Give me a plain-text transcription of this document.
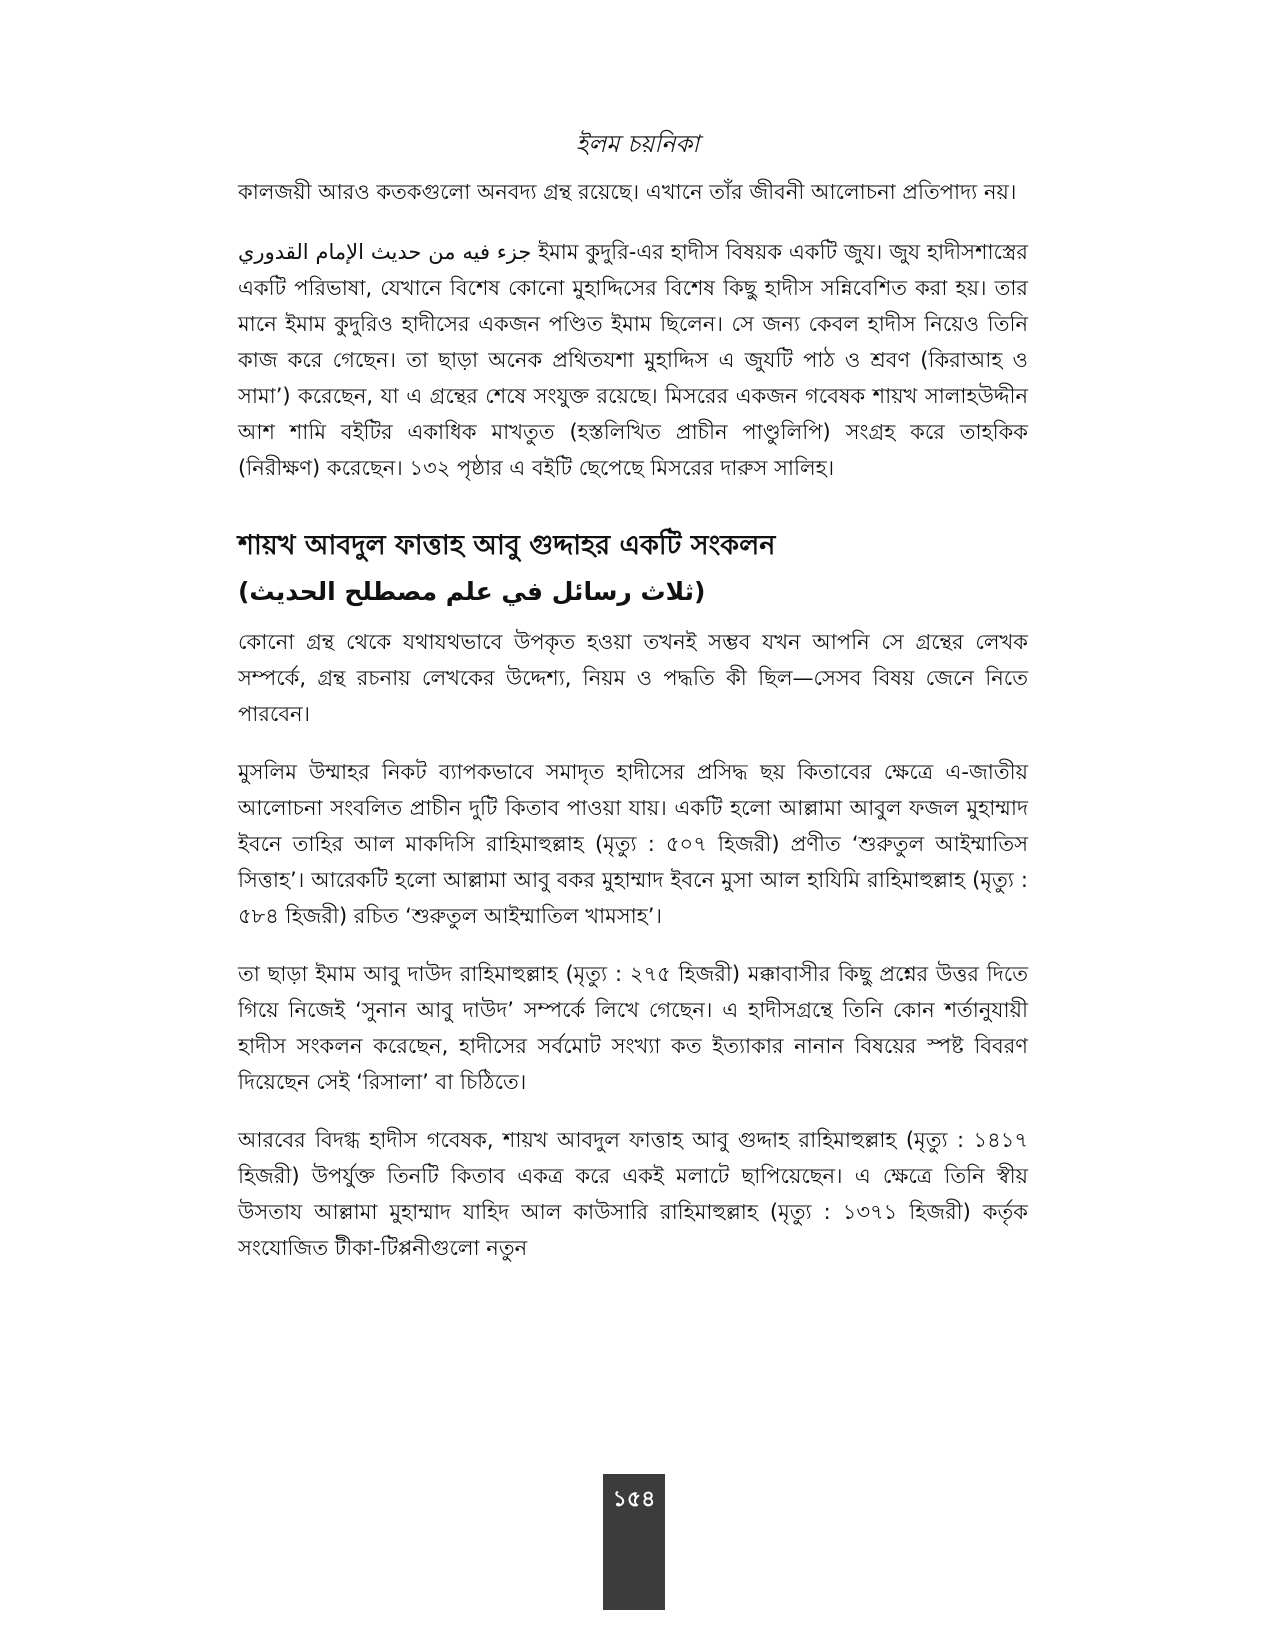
ইলম চয়নিকা

কালজয়ী আরও কতকগুলো অনবদ্য গ্রন্থ রয়েছে। এখানে তাঁর জীবনী আলোচনা প্রতিপাদ্য নয়।

جزء فيه من حديث الإمام القدوري ইমাম কুদুরি-এর হাদীস বিষয়ক একটি জুয। জুয হাদীসশাস্ত্রের একটি পরিভাষা, যেখানে বিশেষ কোনো মুহাদ্দিসের বিশেষ কিছু হাদীস সন্নিবেশিত করা হয়। তার মানে ইমাম কুদুরিও হাদীসের একজন পণ্ডিত ইমাম ছিলেন। সে জন্য কেবল হাদীস নিয়েও তিনি কাজ করে গেছেন। তা ছাড়া অনেক প্রথিতযশা মুহাদ্দিস এ জুযটি পাঠ ও শ্রবণ (কিরাআহ ও সামা’) করেছেন, যা এ গ্রন্থের শেষে সংযুক্ত রয়েছে। মিসরের একজন গবেষক শায়খ সালাহউদ্দীন আশ শামি বইটির একাধিক মাখতুত (হস্তলিখিত প্রাচীন পাণ্ডুলিপি) সংগ্রহ করে তাহকিক (নিরীক্ষণ) করেছেন। ১৩২ পৃষ্ঠার এ বইটি ছেপেছে মিসরের দারুস সালিহ।

শায়খ আবদুল ফাত্তাহ আবু গুদ্দাহর একটি সংকলন
(ثلاث رسائل في علم مصطلح الحديث)

কোনো গ্রন্থ থেকে যথাযথভাবে উপকৃত হওয়া তখনই সম্ভব যখন আপনি সে গ্রন্থের লেখক সম্পর্কে, গ্রন্থ রচনায় লেখকের উদ্দেশ্য, নিয়ম ও পদ্ধতি কী ছিল—সেসব বিষয় জেনে নিতে পারবেন।

মুসলিম উম্মাহর নিকট ব্যাপকভাবে সমাদৃত হাদীসের প্রসিদ্ধ ছয় কিতাবের ক্ষেত্রে এ-জাতীয় আলোচনা সংবলিত প্রাচীন দুটি কিতাব পাওয়া যায়। একটি হলো আল্লামা আবুল ফজল মুহাম্মাদ ইবনে তাহির আল মাকদিসি রাহিমাহুল্লাহ (মৃত্যু : ৫০৭ হিজরী) প্রণীত ‘শুরুতুল আইম্মাতিস সিত্তাহ’। আরেকটি হলো আল্লামা আবু বকর মুহাম্মাদ ইবনে মুসা আল হাযিমি রাহিমাহুল্লাহ (মৃত্যু : ৫৮৪ হিজরী) রচিত ‘শুরুতুল আইম্মাতিল খামসাহ’।

তা ছাড়া ইমাম আবু দাউদ রাহিমাহুল্লাহ (মৃত্যু : ২৭৫ হিজরী) মক্কাবাসীর কিছু প্রশ্নের উত্তর দিতে গিয়ে নিজেই ‘সুনান আবু দাউদ’ সম্পর্কে লিখে গেছেন। এ হাদীসগ্রন্থে তিনি কোন শর্তানুযায়ী হাদীস সংকলন করেছেন, হাদীসের সর্বমোট সংখ্যা কত ইত্যাকার নানান বিষয়ের স্পষ্ট বিবরণ দিয়েছেন সেই ‘রিসালা’ বা চিঠিতে।

আরবের বিদগ্ধ হাদীস গবেষক, শায়খ আবদুল ফাত্তাহ আবু গুদ্দাহ রাহিমাহুল্লাহ (মৃত্যু : ১৪১৭ হিজরী) উপর্যুক্ত তিনটি কিতাব একত্র করে একই মলাটে ছাপিয়েছেন। এ ক্ষেত্রে তিনি স্বীয় উসতায আল্লামা মুহাম্মাদ যাহিদ আল কাউসারি রাহিমাহুল্লাহ (মৃত্যু : ১৩৭১ হিজরী) কর্তৃক সংযোজিত টীকা-টিপ্পনীগুলো নতুন

১৫৪
